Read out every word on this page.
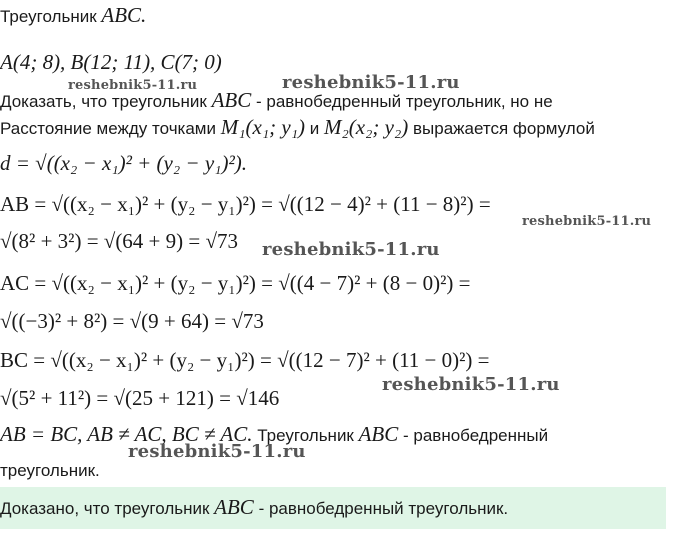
Треугольник ABC.
A(4; 8), B(12; 11), C(7; 0)
Доказать, что треугольник ABC - равнобедренный треугольник, но не
Расстояние между точками M₁(x₁; y₁) и M₂(x₂; y₂) выражается формулой
d = √((x₂ − x₁)² + (y₂ − y₁)²).
AB = √((x₂ − x₁)² + (y₂ − y₁)²) = √((12 − 4)² + (11 − 8)²) =
√(8² + 3²) = √(64 + 9) = √73
AC = √((x₂ − x₁)² + (y₂ − y₁)²) = √((4 − 7)² + (8 − 0)²) =
√((−3)² + 8²) = √(9 + 64) = √73
BC = √((x₂ − x₁)² + (y₂ − y₁)²) = √((12 − 7)² + (11 − 0)²) =
√(5² + 11²) = √(25 + 121) = √146
AB = BC, AB ≠ AC, BC ≠ AC. Треугольник ABC - равнобедренный
треугольник.
Доказано, что треугольник ABC - равнобедренный треугольник.
reshebnik5-11.ru	reshebnik5-11.ru
reshebnik5-11.ru
reshebnik5-11.ru
reshebnik5-11.ru
reshebnik5-11.ru
